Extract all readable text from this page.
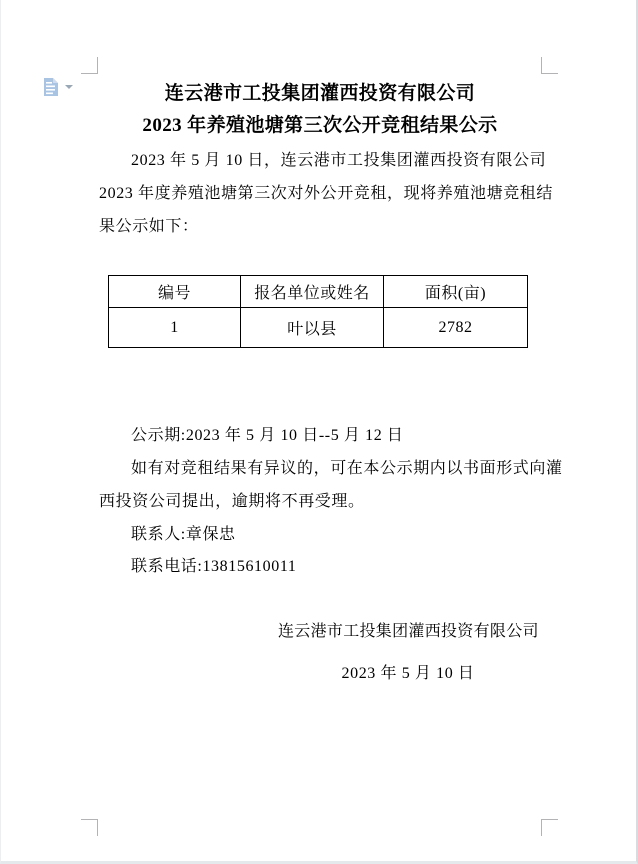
连云港市工投集团灌西投资有限公司
2023 年养殖池塘第三次公开竞租结果公示
2023 年 5 月 10 日，连云港市工投集团灌西投资有限公司
2023 年度养殖池塘第三次对外公开竞租，现将养殖池塘竞租结
果公示如下：
编号	报名单位或姓名	面积(亩)
1	叶以县	2782
公示期:2023 年 5 月 10 日--5 月 12 日
如有对竞租结果有异议的，可在本公示期内以书面形式向灌
西投资公司提出，逾期将不再受理。
联系人:章保忠
联系电话:13815610011
连云港市工投集团灌西投资有限公司
2023 年 5 月 10 日
